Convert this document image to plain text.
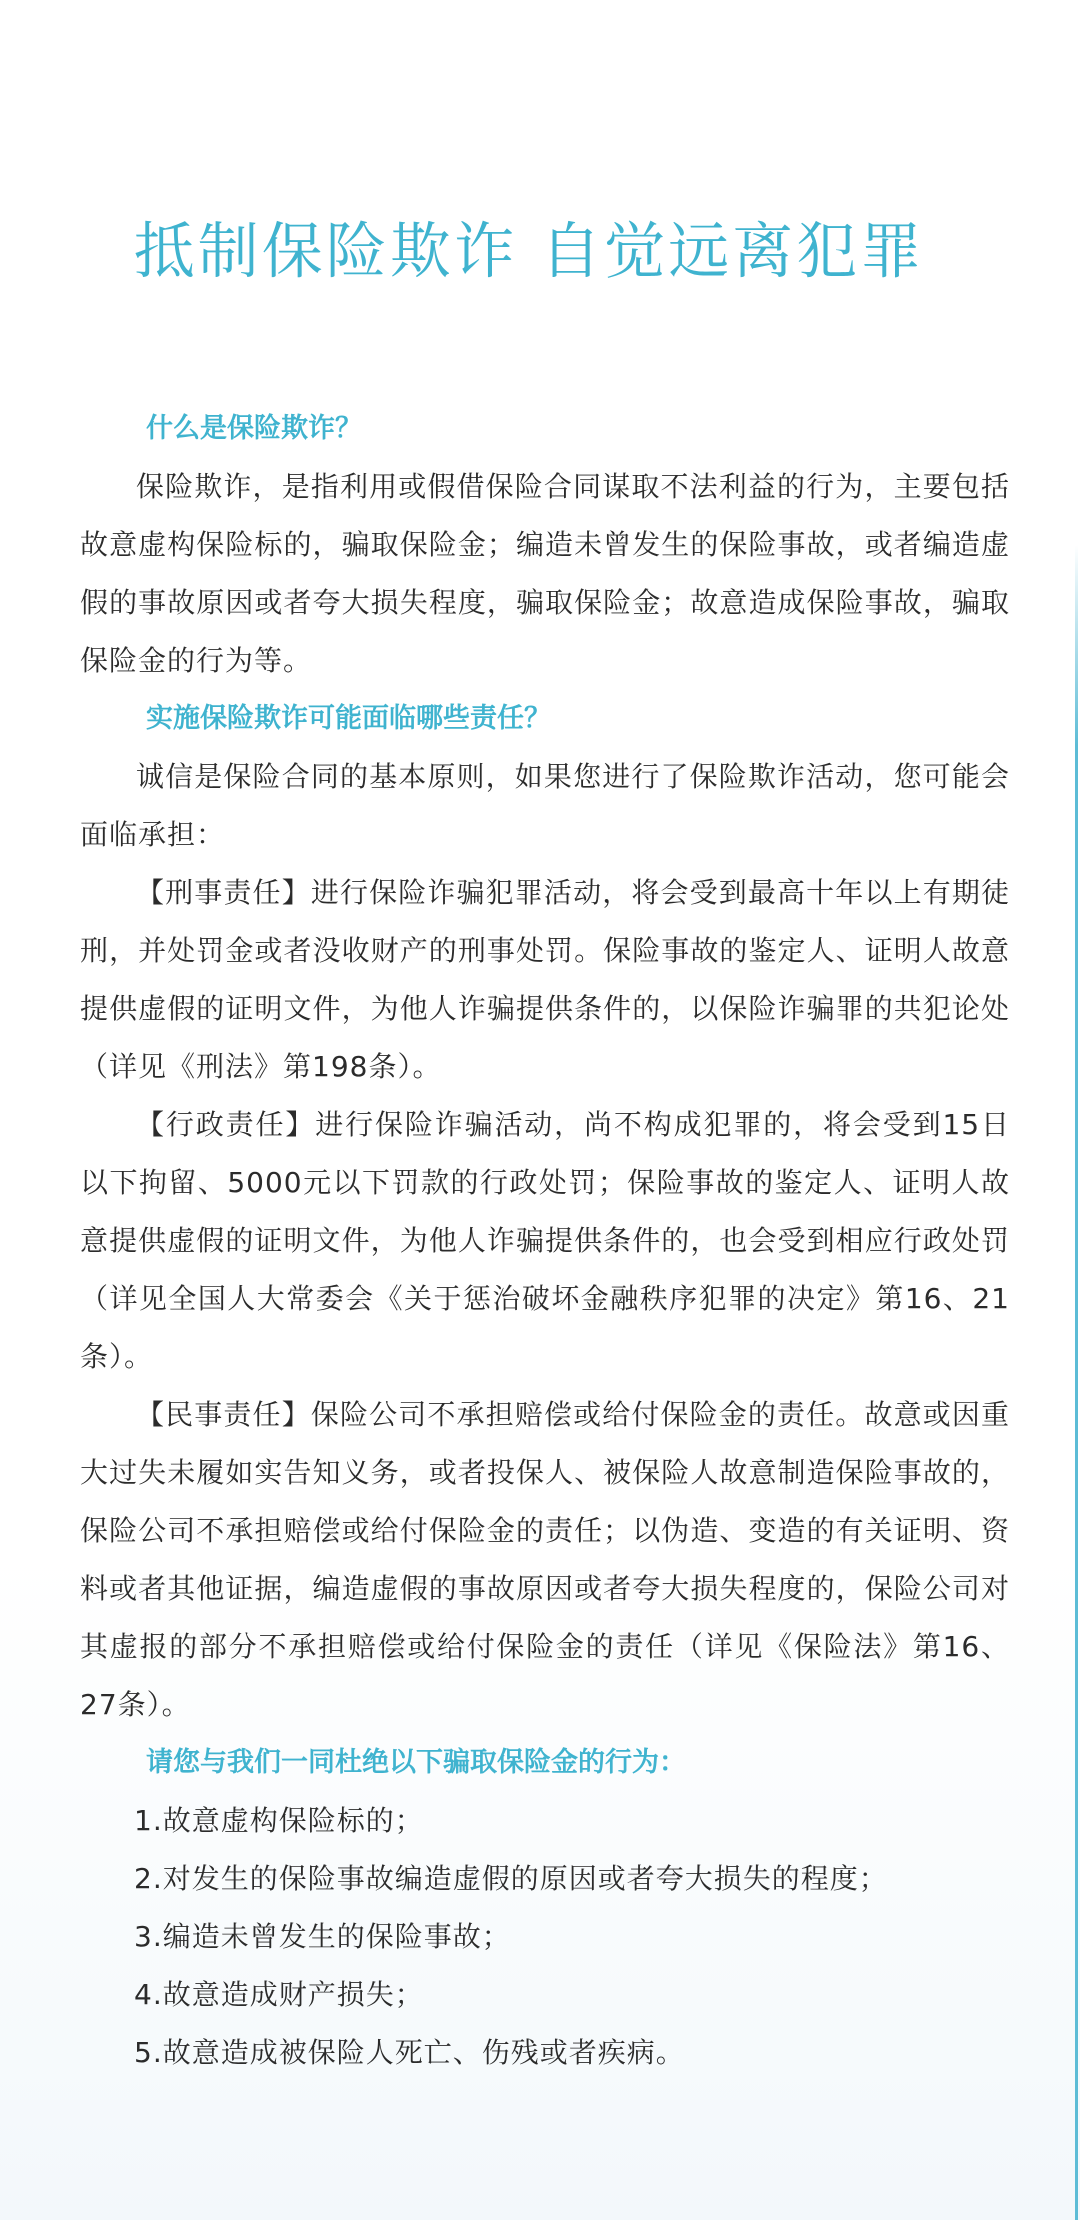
抵制保险欺诈 自觉远离犯罪

什么是保险欺诈？

保险欺诈，是指利用或假借保险合同谋取不法利益的行为，主要包括故意虚构保险标的，骗取保险金；编造未曾发生的保险事故，或者编造虚假的事故原因或者夸大损失程度，骗取保险金；故意造成保险事故，骗取保险金的行为等。

实施保险欺诈可能面临哪些责任？

诚信是保险合同的基本原则，如果您进行了保险欺诈活动，您可能会面临承担：

【刑事责任】进行保险诈骗犯罪活动，将会受到最高十年以上有期徒刑，并处罚金或者没收财产的刑事处罚。保险事故的鉴定人、证明人故意提供虚假的证明文件，为他人诈骗提供条件的，以保险诈骗罪的共犯论处（详见《刑法》第198条）。

【行政责任】进行保险诈骗活动，尚不构成犯罪的，将会受到15日以下拘留、5000元以下罚款的行政处罚；保险事故的鉴定人、证明人故意提供虚假的证明文件，为他人诈骗提供条件的，也会受到相应行政处罚（详见全国人大常委会《关于惩治破坏金融秩序犯罪的决定》第16、21条）。

【民事责任】保险公司不承担赔偿或给付保险金的责任。故意或因重大过失未履如实告知义务，或者投保人、被保险人故意制造保险事故的，保险公司不承担赔偿或给付保险金的责任；以伪造、变造的有关证明、资料或者其他证据，编造虚假的事故原因或者夸大损失程度的，保险公司对其虚报的部分不承担赔偿或给付保险金的责任（详见《保险法》第16、27条）。

请您与我们一同杜绝以下骗取保险金的行为：

1.故意虚构保险标的；
2.对发生的保险事故编造虚假的原因或者夸大损失的程度；
3.编造未曾发生的保险事故；
4.故意造成财产损失；
5.故意造成被保险人死亡、伤残或者疾病。
